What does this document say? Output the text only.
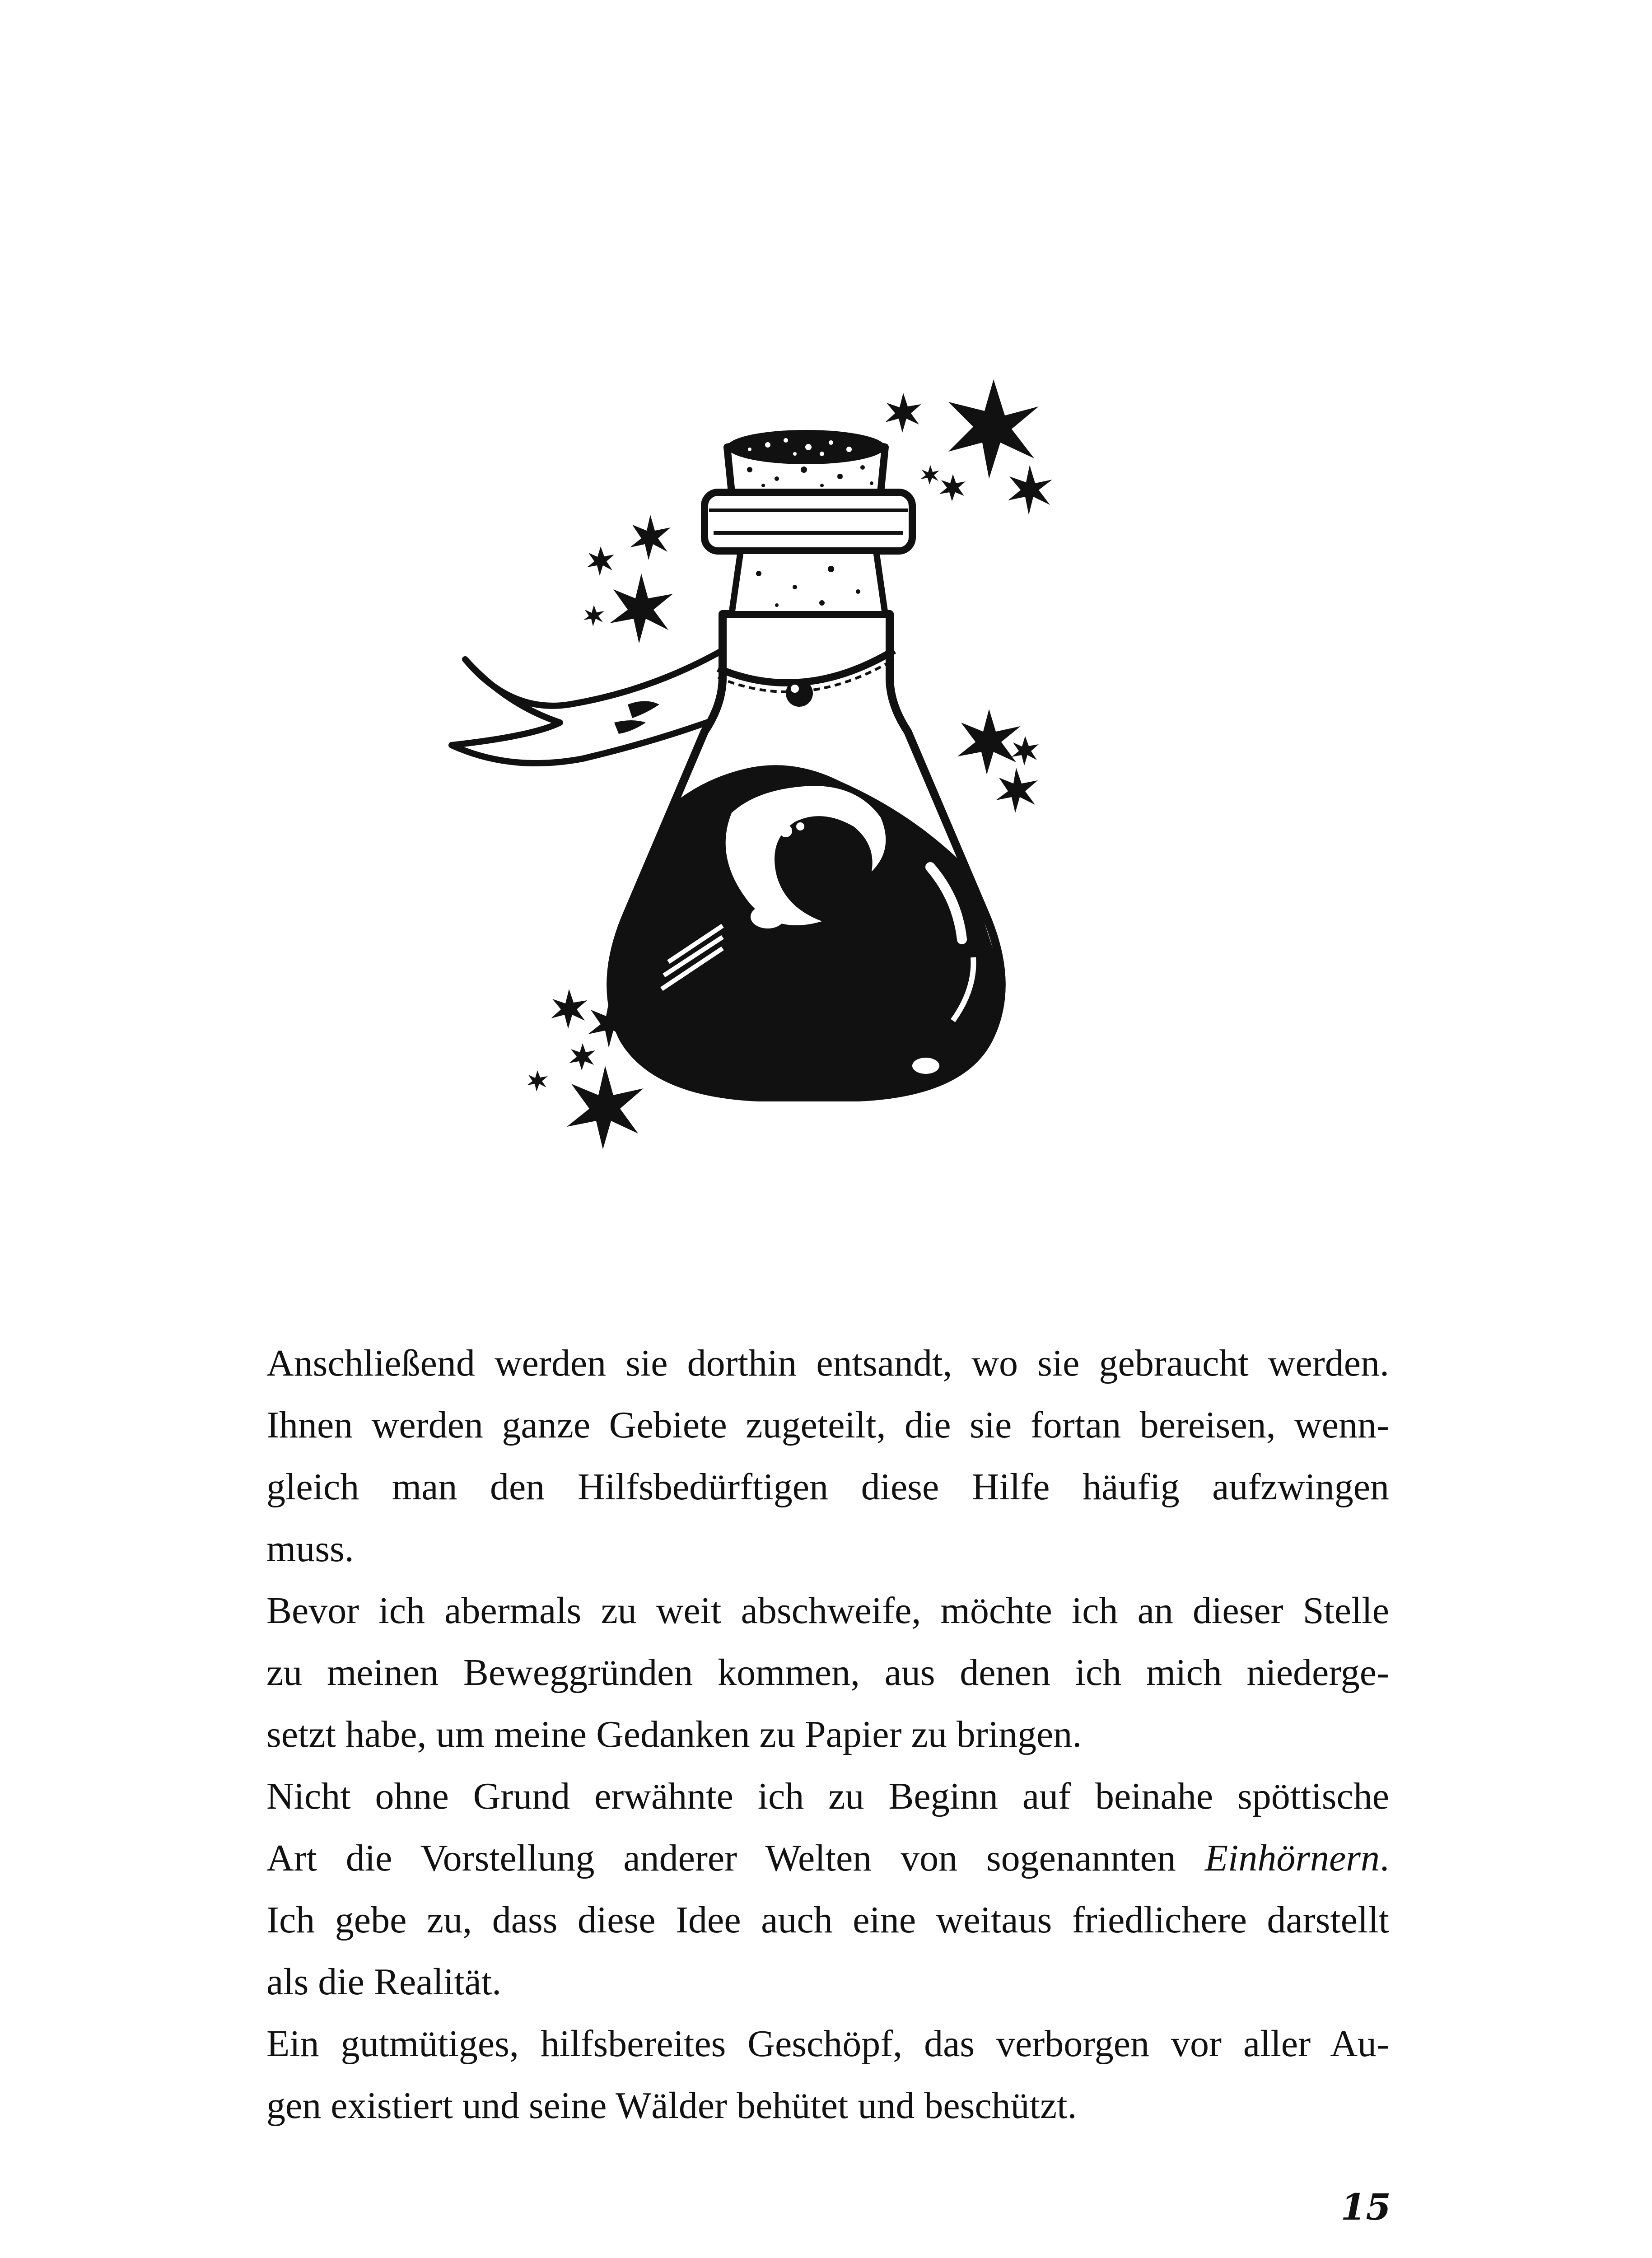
Anschließend werden sie dorthin entsandt, wo sie gebraucht werden.
Ihnen werden ganze Gebiete zugeteilt, die sie fortan bereisen, wenn-
gleich man den Hilfsbedürftigen diese Hilfe häufig aufzwingen
muss.

Bevor ich abermals zu weit abschweife, möchte ich an dieser Stelle
zu meinen Beweggründen kommen, aus denen ich mich niederge-
setzt habe, um meine Gedanken zu Papier zu bringen.

Nicht ohne Grund erwähnte ich zu Beginn auf beinahe spöttische
Art die Vorstellung anderer Welten von sogenannten Einhörnern.
Ich gebe zu, dass diese Idee auch eine weitaus friedlichere darstellt
als die Realität.

Ein gutmütiges, hilfsbereites Geschöpf, das verborgen vor aller Au-
gen existiert und seine Wälder behütet und beschützt.

15
